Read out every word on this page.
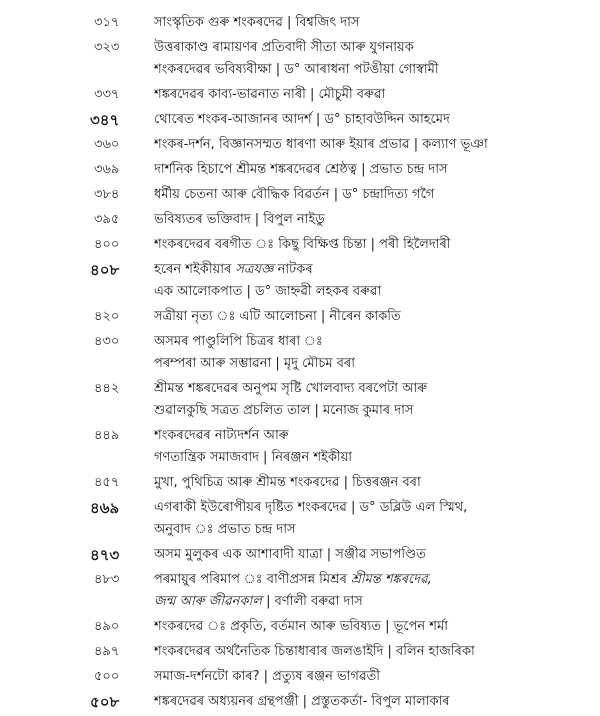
৩১৭	সাংস্কৃতিক গুৰু শংকৰদেৱ | বিশ্বজিৎ দাস
৩২৩	উত্তৰাকাণ্ড ৰামায়ণৰ প্ৰতিবাদী সীতা আৰু যুগনায়ক
শংকৰদেৱৰ ভবিষ্যবীক্ষা | ড° আৰাধনা পটঙীয়া গোস্বামী
৩৩৭	শঙ্কৰদেৱৰ কাব্য-ভাৱনাত নাৰী | মৌচুমী বৰুৱা
৩৪৭	থোৰেত শংকৰ-আজানৰ আদৰ্শ | ড° চাহাবউদ্দিন আহমেদ
৩৬০	শংকৰ-দৰ্শন, বিজ্ঞানসম্মত ধাৰণা আৰু ইয়াৰ প্ৰভাৱ | কল্যাণ ভূঞা
৩৬৯	দাৰ্শনিক হিচাপে শ্ৰীমন্ত শঙ্কৰদেৱৰ শ্ৰেষ্ঠত্ব | প্ৰভাত চন্দ্ৰ দাস
৩৮৪	ধৰ্মীয় চেতনা আৰু বৌদ্ধিক বিৱৰ্তন | ড° চন্দ্ৰাদিত্য গগৈ
৩৯৫	ভবিষ্যতৰ ভক্তিবাদ | বিপুল নাইডু
৪০০	শংকৰদেৱৰ বৰগীত ঃ কিছু বিক্ষিপ্ত চিন্তা | পৰী হিলৈদাৰী
৪০৮	হৰেন শইকীয়াৰ সত্ৰযজ্ঞ নাটকৰ
এক আলোকপাত | ড° জাহ্নৱী লহকৰ বৰুৱা
৪২০	সত্ৰীয়া নৃত্য ঃ এটি আলোচনা | নীৰেন কাকতি
৪৩০	অসমৰ পাণ্ডুলিপি চিত্ৰৰ ধাৰা ঃ
পৰম্পৰা আৰু সম্ভাৱনা | মৃদু মৌচম বৰা
৪৪২	শ্ৰীমন্ত শঙ্কৰদেৱৰ অনুপম সৃষ্টি খোলবাদ্য বৰপেটা আৰু
শুৱালকুছি সত্ৰত প্ৰচলিত তাল | মনোজ কুমাৰ দাস
৪৪৯	শংকৰদেৱৰ নাট্যদৰ্শন আৰু
গণতান্ত্ৰিক সমাজবাদ | নিৰঞ্জন শইকীয়া
৪৫৭	মুখা, পুথিচিত্ৰ আৰু শ্ৰীমন্ত শংকৰদেৱ | চিত্তৰঞ্জন বৰা
৪৬৯	এগৰাকী ইউৰোপীয়ৰ দৃষ্টিত শংকৰদেৱ | ড° ডব্লিউ এল স্মিথ,
অনুবাদ ঃ প্ৰভাত চন্দ্ৰ দাস
৪৭৩	অসম মুলুকৰ এক আশাবাদী যাত্ৰা | সঞ্জীৱ সভাপণ্ডিত
৪৮৩	পৰমায়ুৰ পৰিমাপ ঃ বাণীপ্ৰসন্ন মিশ্ৰৰ শ্ৰীমন্ত শঙ্কৰদেৱ,
জন্ম আৰু জীৱনকাল | বৰ্ণালী বৰুৱা দাস
৪৯০	শংকৰদেৱ ঃ প্ৰকৃতি, বৰ্তমান আৰু ভবিষ্যত | ভূপেন শৰ্মা
৪৯৭	শংকৰদেৱৰ অৰ্থনৈতিক চিন্তাধাৰাৰ জলঙাইদি | বলিন হাজৰিকা
৫০০	সমাজ-দৰ্শনটো কাৰ? | প্ৰত্যুষ ৰঞ্জন ভাগৱতী
৫০৮	শঙ্কৰদেৱৰ অধ্যয়নৰ গ্ৰন্থপঞ্জী | প্ৰস্তুতকৰ্তা- বিপুল মালাকাৰ
